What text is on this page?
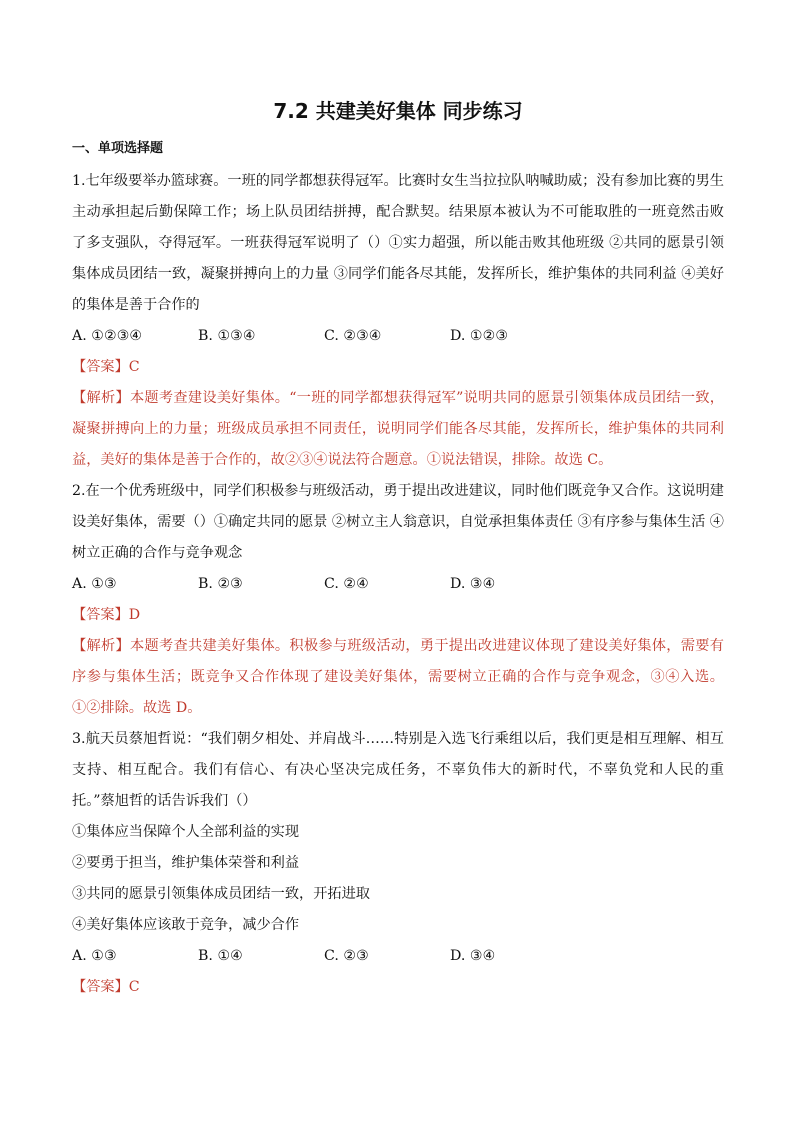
7.2 共建美好集体 同步练习
一、单项选择题

1.七年级要举办篮球赛。一班的同学都想获得冠军。比赛时女生当拉拉队呐喊助威；没有参加比赛的男生主动承担起后勤保障工作；场上队员团结拼搏，配合默契。结果原本被认为不可能取胜的一班竟然击败了多支强队，夺得冠军。一班获得冠军说明了（）①实力超强，所以能击败其他班级 ②共同的愿景引领集体成员团结一致，凝聚拼搏向上的力量 ③同学们能各尽其能，发挥所长，维护集体的共同利益 ④美好的集体是善于合作的

A. ①②③④	B. ①③④	C. ②③④	D. ①②③

【答案】C

【解析】本题考查建设美好集体。“一班的同学都想获得冠军”说明共同的愿景引领集体成员团结一致，凝聚拼搏向上的力量；班级成员承担不同责任，说明同学们能各尽其能，发挥所长，维护集体的共同利益，美好的集体是善于合作的，故②③④说法符合题意。①说法错误，排除。故选 C。

2.在一个优秀班级中，同学们积极参与班级活动，勇于提出改进建议，同时他们既竞争又合作。这说明建设美好集体，需要（）①确定共同的愿景 ②树立主人翁意识，自觉承担集体责任 ③有序参与集体生活 ④树立正确的合作与竞争观念

A. ①③	B. ②③	C. ②④	D. ③④

【答案】D

【解析】本题考查共建美好集体。积极参与班级活动，勇于提出改进建议体现了建设美好集体，需要有序参与集体生活；既竞争又合作体现了建设美好集体，需要树立正确的合作与竞争观念，③④入选。①②排除。故选 D。

3.航天员蔡旭哲说：“我们朝夕相处、并肩战斗……特别是入选飞行乘组以后，我们更是相互理解、相互支持、相互配合。我们有信心、有决心坚决完成任务，不辜负伟大的新时代，不辜负党和人民的重托。”蔡旭哲的话告诉我们（）

①集体应当保障个人全部利益的实现

②要勇于担当，维护集体荣誉和利益

③共同的愿景引领集体成员团结一致，开拓进取

④美好集体应该敢于竞争，减少合作

A. ①③	B. ①④	C. ②③	D. ③④

【答案】C
